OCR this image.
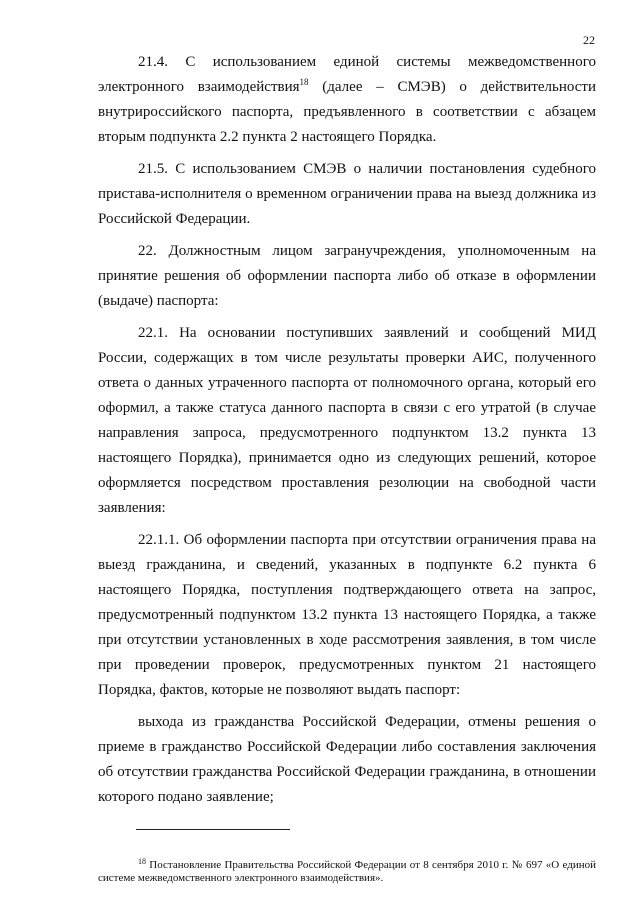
22

21.4. С использованием единой системы межведомственного электронного взаимодействия$^{18}$ (далее – СМЭВ) о действительности внутрироссийского паспорта, предъявленного в соответствии с абзацем вторым подпункта 2.2 пункта 2 настоящего Порядка.

21.5. С использованием СМЭВ о наличии постановления судебного пристава-исполнителя о временном ограничении права на выезд должника из Российской Федерации.

22. Должностным лицом загранучреждения, уполномоченным на принятие решения об оформлении паспорта либо об отказе в оформлении (выдаче) паспорта:

22.1. На основании поступивших заявлений и сообщений МИД России, содержащих в том числе результаты проверки АИС, полученного ответа о данных утраченного паспорта от полномочного органа, который его оформил, а также статуса данного паспорта в связи с его утратой (в случае направления запроса, предусмотренного подпунктом 13.2 пункта 13 настоящего Порядка), принимается одно из следующих решений, которое оформляется посредством проставления резолюции на свободной части заявления:

22.1.1. Об оформлении паспорта при отсутствии ограничения права на выезд гражданина, и сведений, указанных в подпункте 6.2 пункта 6 настоящего Порядка, поступления подтверждающего ответа на запрос, предусмотренный подпунктом 13.2 пункта 13 настоящего Порядка, а также при отсутствии установленных в ходе рассмотрения заявления, в том числе при проведении проверок, предусмотренных пунктом 21 настоящего Порядка, фактов, которые не позволяют выдать паспорт:

выхода из гражданства Российской Федерации, отмены решения о приеме в гражданство Российской Федерации либо составления заключения об отсутствии гражданства Российской Федерации гражданина, в отношении которого подано заявление;

$^{18}$ Постановление Правительства Российской Федерации от 8 сентября 2010 г. № 697 «О единой системе межведомственного электронного взаимодействия».
